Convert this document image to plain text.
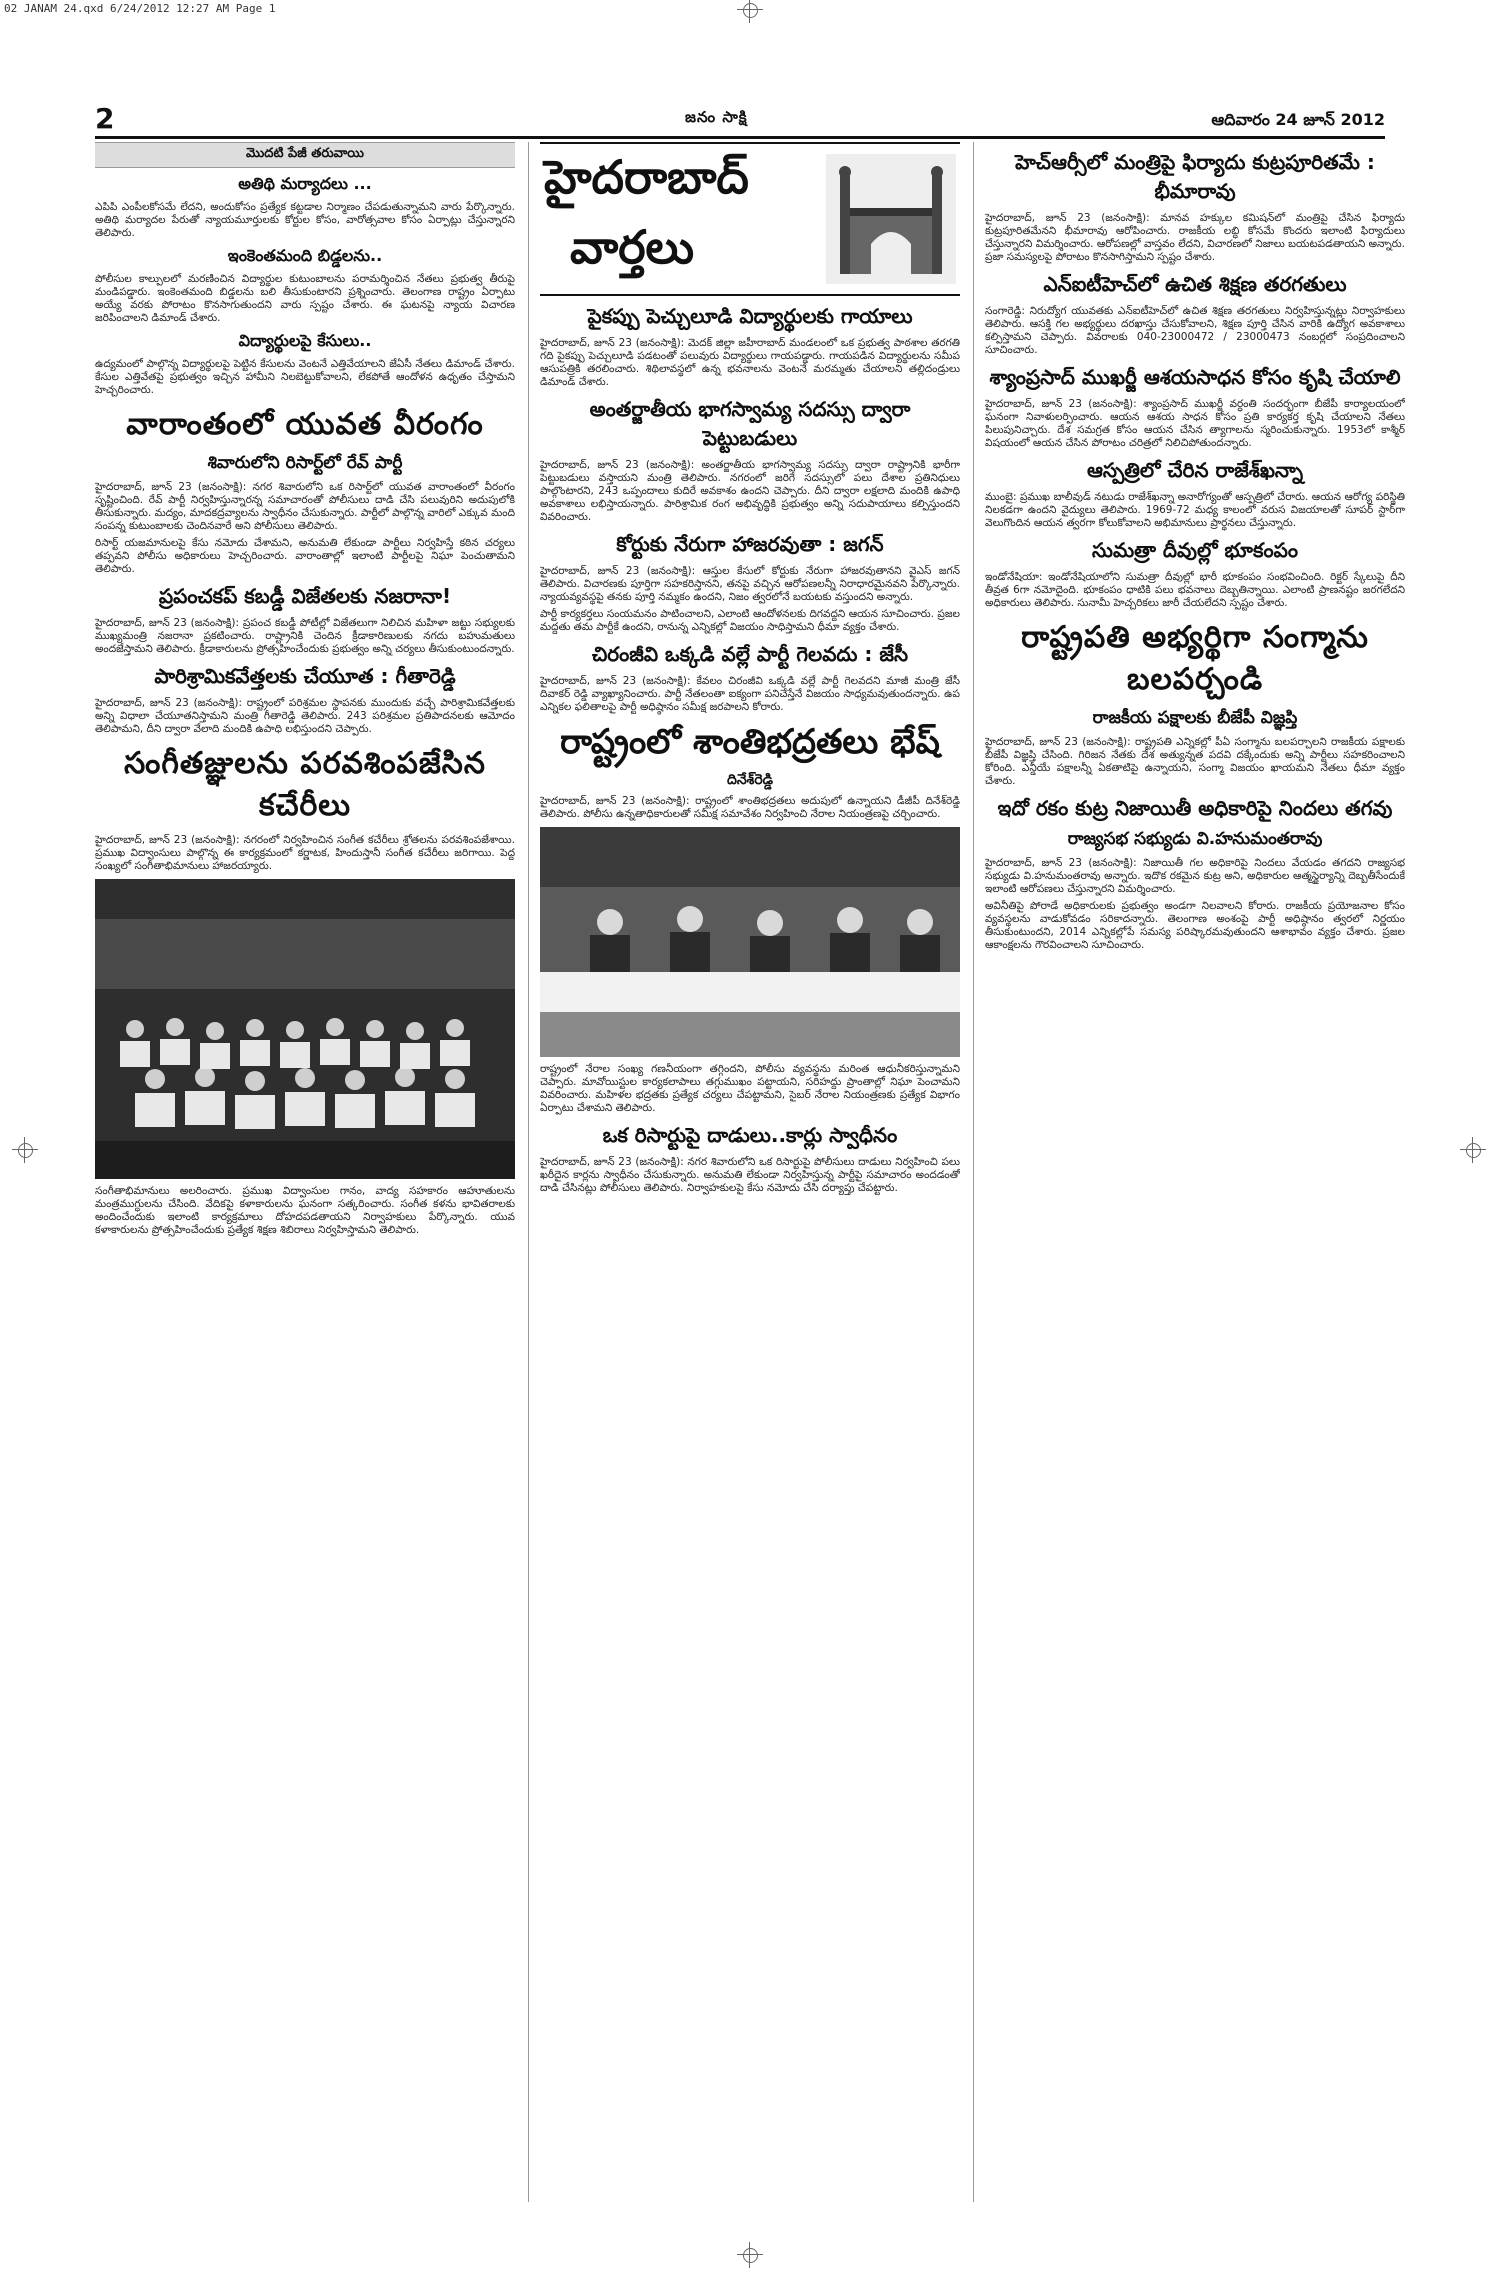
02 JANAM 24.qxd 6/24/2012 12:27 AM Page 1
2	జనం సాక్షి	ఆదివారం 24 జూన్ 2012
మొదటి పేజీ తరువాయి
అతిథి మర్యాదలు ...

ఎపిపి ఎంపీలకోసమే లేదని, అందుకోసం ప్రత్యేక కట్టడాల నిర్మాణం చేపడుతున్నామని వారు పేర్కొన్నారు. అతిథి మర్యాదల పేరుతో న్యాయమూర్తులకు కోర్టుల కోసం, వారోత్సవాల కోసం ఏర్పాట్లు చేస్తున్నారని తెలిపారు.

ఇంకెంతమంది బిడ్డలను..

పోలీసుల కాల్పులలో మరణించిన విద్యార్థుల కుటుంబాలను పరామర్శించిన నేతలు ప్రభుత్వ తీరుపై మండిపడ్డారు. ఇంకెంతమంది బిడ్డలను బలి తీసుకుంటారని ప్రశ్నించారు. తెలంగాణ రాష్ట్రం ఏర్పాటు అయ్యే వరకు పోరాటం కొనసాగుతుందని వారు స్పష్టం చేశారు. ఈ ఘటనపై న్యాయ విచారణ జరిపించాలని డిమాండ్ చేశారు.

విద్యార్థులపై కేసులు..

ఉద్యమంలో పాల్గొన్న విద్యార్థులపై పెట్టిన కేసులను వెంటనే ఎత్తివేయాలని జేఏసీ నేతలు డిమాండ్ చేశారు. కేసుల ఎత్తివేతపై ప్రభుత్వం ఇచ్చిన హామీని నిలబెట్టుకోవాలని, లేకపోతే ఆందోళన ఉధృతం చేస్తామని హెచ్చరించారు.

వారాంతంలో యువత వీరంగం
శివారులోని రిసార్ట్‌లో రేవ్ పార్టీ

హైదరాబాద్, జూన్ 23 (జనంసాక్షి): నగర శివారులోని ఒక రిసార్ట్‌లో యువత వారాంతంలో వీరంగం సృష్టించింది. రేవ్ పార్టీ నిర్వహిస్తున్నారన్న సమాచారంతో పోలీసులు దాడి చేసి పలువురిని అదుపులోకి తీసుకున్నారు. మద్యం, మాదకద్రవ్యాలను స్వాధీనం చేసుకున్నారు. పార్టీలో పాల్గొన్న వారిలో ఎక్కువ మంది సంపన్న కుటుంబాలకు చెందినవారే అని పోలీసులు తెలిపారు.

రిసార్ట్ యజమానులపై కేసు నమోదు చేశామని, అనుమతి లేకుండా పార్టీలు నిర్వహిస్తే కఠిన చర్యలు తప్పవని పోలీసు అధికారులు హెచ్చరించారు. వారాంతాల్లో ఇలాంటి పార్టీలపై నిఘా పెంచుతామని తెలిపారు.

ప్రపంచకప్ కబడ్డీ విజేతలకు నజరానా!

హైదరాబాద్, జూన్ 23 (జనంసాక్షి): ప్రపంచ కబడ్డీ పోటీల్లో విజేతలుగా నిలిచిన మహిళా జట్టు సభ్యులకు ముఖ్యమంత్రి నజరానా ప్రకటించారు. రాష్ట్రానికి చెందిన క్రీడాకారిణులకు నగదు బహుమతులు అందజేస్తామని తెలిపారు. క్రీడాకారులను ప్రోత్సహించేందుకు ప్రభుత్వం అన్ని చర్యలు తీసుకుంటుందన్నారు.

పారిశ్రామికవేత్తలకు చేయూత : గీతారెడ్డి

హైదరాబాద్, జూన్ 23 (జనంసాక్షి): రాష్ట్రంలో పరిశ్రమల స్థాపనకు ముందుకు వచ్చే పారిశ్రామికవేత్తలకు అన్ని విధాలా చేయూతనిస్తామని మంత్రి గీతారెడ్డి తెలిపారు. 243 పరిశ్రమల ప్రతిపాదనలకు ఆమోదం తెలిపామని, దీని ద్వారా వేలాది మందికి ఉపాధి లభిస్తుందని చెప్పారు.

సంగీతజ్ఞులను పరవశింపజేసిన కచేరీలు

హైదరాబాద్, జూన్ 23 (జనంసాక్షి): నగరంలో నిర్వహించిన సంగీత కచేరీలు శ్రోతలను పరవశింపజేశాయి. ప్రముఖ విద్వాంసులు పాల్గొన్న ఈ కార్యక్రమంలో కర్ణాటక, హిందుస్తానీ సంగీత కచేరీలు జరిగాయి. పెద్ద సంఖ్యలో సంగీతాభిమానులు హాజరయ్యారు.

సంగీతాభిమానులు అలరించారు. ప్రముఖ విద్వాంసుల గానం, వాద్య సహకారం ఆహూతులను మంత్రముగ్ధులను చేసింది. వేదికపై కళాకారులను ఘనంగా సత్కరించారు. సంగీత కళను భావితరాలకు అందించేందుకు ఇలాంటి కార్యక్రమాలు దోహదపడతాయని నిర్వాహకులు పేర్కొన్నారు. యువ కళాకారులను ప్రోత్సహించేందుకు ప్రత్యేక శిక్షణ శిబిరాలు నిర్వహిస్తామని తెలిపారు.

హైదరాబాద్
వార్తలు
పైకప్పు పెచ్చులూడి విద్యార్థులకు గాయాలు

హైదరాబాద్, జూన్ 23 (జనంసాక్షి): మెదక్ జిల్లా జహీరాబాద్ మండలంలో ఒక ప్రభుత్వ పాఠశాల తరగతి గది పైకప్పు పెచ్చులూడి పడటంతో పలువురు విద్యార్థులు గాయపడ్డారు. గాయపడిన విద్యార్థులను సమీప ఆసుపత్రికి తరలించారు. శిథిలావస్థలో ఉన్న భవనాలను వెంటనే మరమ్మతు చేయాలని తల్లిదండ్రులు డిమాండ్ చేశారు.

అంతర్జాతీయ భాగస్వామ్య సదస్సు ద్వారా పెట్టుబడులు

హైదరాబాద్, జూన్ 23 (జనంసాక్షి): అంతర్జాతీయ భాగస్వామ్య సదస్సు ద్వారా రాష్ట్రానికి భారీగా పెట్టుబడులు వస్తాయని మంత్రి తెలిపారు. నగరంలో జరిగే సదస్సులో పలు దేశాల ప్రతినిధులు పాల్గొంటారని, 243 ఒప్పందాలు కుదిరే అవకాశం ఉందని చెప్పారు. దీని ద్వారా లక్షలాది మందికి ఉపాధి అవకాశాలు లభిస్తాయన్నారు. పారిశ్రామిక రంగ అభివృద్ధికి ప్రభుత్వం అన్ని సదుపాయాలు కల్పిస్తుందని వివరించారు.

కోర్టుకు నేరుగా హాజరవుతా : జగన్

హైదరాబాద్, జూన్ 23 (జనంసాక్షి): ఆస్తుల కేసులో కోర్టుకు నేరుగా హాజరవుతానని వైఎస్ జగన్ తెలిపారు. విచారణకు పూర్తిగా సహకరిస్తానని, తనపై వచ్చిన ఆరోపణలన్నీ నిరాధారమైనవని పేర్కొన్నారు. న్యాయవ్యవస్థపై తనకు పూర్తి నమ్మకం ఉందని, నిజం త్వరలోనే బయటకు వస్తుందని అన్నారు.

పార్టీ కార్యకర్తలు సంయమనం పాటించాలని, ఎలాంటి ఆందోళనలకు దిగవద్దని ఆయన సూచించారు. ప్రజల మద్దతు తమ పార్టీకే ఉందని, రానున్న ఎన్నికల్లో విజయం సాధిస్తామని ధీమా వ్యక్తం చేశారు.

చిరంజీవి ఒక్కడి వల్లే పార్టీ గెలవదు : జేసీ

హైదరాబాద్, జూన్ 23 (జనంసాక్షి): కేవలం చిరంజీవి ఒక్కడి వల్లే పార్టీ గెలవదని మాజీ మంత్రి జేసీ దివాకర్ రెడ్డి వ్యాఖ్యానించారు. పార్టీ నేతలంతా ఐక్యంగా పనిచేస్తేనే విజయం సాధ్యమవుతుందన్నారు. ఉప ఎన్నికల ఫలితాలపై పార్టీ అధిష్ఠానం సమీక్ష జరపాలని కోరారు.

రాష్ట్రంలో శాంతిభద్రతలు భేష్
దినేశ్‌రెడ్డి

హైదరాబాద్, జూన్ 23 (జనంసాక్షి): రాష్ట్రంలో శాంతిభద్రతలు అదుపులో ఉన్నాయని డీజీపీ దినేశ్‌రెడ్డి తెలిపారు. పోలీసు ఉన్నతాధికారులతో సమీక్ష సమావేశం నిర్వహించి నేరాల నియంత్రణపై చర్చించారు.

రాష్ట్రంలో నేరాల సంఖ్య గణనీయంగా తగ్గిందని, పోలీసు వ్యవస్థను మరింత ఆధునీకరిస్తున్నామని చెప్పారు. మావోయిస్టుల కార్యకలాపాలు తగ్గుముఖం పట్టాయని, సరిహద్దు ప్రాంతాల్లో నిఘా పెంచామని వివరించారు. మహిళల భద్రతకు ప్రత్యేక చర్యలు చేపట్టామని, సైబర్ నేరాల నియంత్రణకు ప్రత్యేక విభాగం ఏర్పాటు చేశామని తెలిపారు.

ఒక రిసార్టుపై దాడులు..కార్లు స్వాధీనం

హైదరాబాద్, జూన్ 23 (జనంసాక్షి): నగర శివారులోని ఒక రిసార్టుపై పోలీసులు దాడులు నిర్వహించి పలు ఖరీదైన కార్లను స్వాధీనం చేసుకున్నారు. అనుమతి లేకుండా నిర్వహిస్తున్న పార్టీపై సమాచారం అందడంతో దాడి చేసినట్లు పోలీసులు తెలిపారు. నిర్వాహకులపై కేసు నమోదు చేసి దర్యాప్తు చేపట్టారు.

హెచ్ఆర్సీలో మంత్రిపై ఫిర్యాదు కుట్రపూరితమే : భీమారావు

హైదరాబాద్, జూన్ 23 (జనంసాక్షి): మానవ హక్కుల కమిషన్‌లో మంత్రిపై చేసిన ఫిర్యాదు కుట్రపూరితమేనని భీమారావు ఆరోపించారు. రాజకీయ లబ్ధి కోసమే కొందరు ఇలాంటి ఫిర్యాదులు చేస్తున్నారని విమర్శించారు. ఆరోపణల్లో వాస్తవం లేదని, విచారణలో నిజాలు బయటపడతాయని అన్నారు. ప్రజా సమస్యలపై పోరాటం కొనసాగిస్తామని స్పష్టం చేశారు.

ఎన్ఐటీహెచ్‌లో ఉచిత శిక్షణ తరగతులు

సంగారెడ్డి: నిరుద్యోగ యువతకు ఎన్ఐటీహెచ్‌లో ఉచిత శిక్షణ తరగతులు నిర్వహిస్తున్నట్లు నిర్వాహకులు తెలిపారు. ఆసక్తి గల అభ్యర్థులు దరఖాస్తు చేసుకోవాలని, శిక్షణ పూర్తి చేసిన వారికి ఉద్యోగ అవకాశాలు కల్పిస్తామని చెప్పారు. వివరాలకు 040-23000472 / 23000473 నంబర్లలో సంప్రదించాలని సూచించారు.

శ్యాంప్రసాద్ ముఖర్జీ ఆశయసాధన కోసం కృషి చేయాలి

హైదరాబాద్, జూన్ 23 (జనంసాక్షి): శ్యాంప్రసాద్ ముఖర్జీ వర్ధంతి సందర్భంగా బీజేపీ కార్యాలయంలో ఘనంగా నివాళులర్పించారు. ఆయన ఆశయ సాధన కోసం ప్రతి కార్యకర్త కృషి చేయాలని నేతలు పిలుపునిచ్చారు. దేశ సమగ్రత కోసం ఆయన చేసిన త్యాగాలను స్మరించుకున్నారు. 1953లో కాశ్మీర్ విషయంలో ఆయన చేసిన పోరాటం చరిత్రలో నిలిచిపోతుందన్నారు.

ఆస్పత్రిలో చేరిన రాజేశ్‌ఖన్నా

ముంబై: ప్రముఖ బాలీవుడ్ నటుడు రాజేశ్‌ఖన్నా అనారోగ్యంతో ఆస్పత్రిలో చేరారు. ఆయన ఆరోగ్య పరిస్థితి నిలకడగా ఉందని వైద్యులు తెలిపారు. 1969-72 మధ్య కాలంలో వరుస విజయాలతో సూపర్ స్టార్‌గా వెలుగొందిన ఆయన త్వరగా కోలుకోవాలని అభిమానులు ప్రార్థనలు చేస్తున్నారు.

సుమత్రా దీవుల్లో భూకంపం

ఇండోనేషియా: ఇండోనేషియాలోని సుమత్రా దీవుల్లో భారీ భూకంపం సంభవించింది. రిక్టర్ స్కేలుపై దీని తీవ్రత 6గా నమోదైంది. భూకంపం ధాటికి పలు భవనాలు దెబ్బతిన్నాయి. ఎలాంటి ప్రాణనష్టం జరగలేదని అధికారులు తెలిపారు. సునామీ హెచ్చరికలు జారీ చేయలేదని స్పష్టం చేశారు.

రాష్ట్రపతి అభ్యర్థిగా సంగ్మాను బలపర్చండి
రాజకీయ పక్షాలకు బీజేపీ విజ్ఞప్తి

హైదరాబాద్, జూన్ 23 (జనంసాక్షి): రాష్ట్రపతి ఎన్నికల్లో పీఏ సంగ్మాను బలపర్చాలని రాజకీయ పక్షాలకు బీజేపీ విజ్ఞప్తి చేసింది. గిరిజన నేతకు దేశ అత్యున్నత పదవి దక్కేందుకు అన్ని పార్టీలు సహకరించాలని కోరింది. ఎన్డీయే పక్షాలన్నీ ఏకతాటిపై ఉన్నాయని, సంగ్మా విజయం ఖాయమని నేతలు ధీమా వ్యక్తం చేశారు.

ఇదో రకం కుట్ర నిజాయితీ అధికారిపై నిందలు తగవు
రాజ్యసభ సభ్యుడు వి.హనుమంతరావు

హైదరాబాద్, జూన్ 23 (జనంసాక్షి): నిజాయితీ గల అధికారిపై నిందలు వేయడం తగదని రాజ్యసభ సభ్యుడు వి.హనుమంతరావు అన్నారు. ఇదొక రకమైన కుట్ర అని, అధికారుల ఆత్మస్థైర్యాన్ని దెబ్బతీసేందుకే ఇలాంటి ఆరోపణలు చేస్తున్నారని విమర్శించారు.

అవినీతిపై పోరాడే అధికారులకు ప్రభుత్వం అండగా నిలవాలని కోరారు. రాజకీయ ప్రయోజనాల కోసం వ్యవస్థలను వాడుకోవడం సరికాదన్నారు. తెలంగాణ అంశంపై పార్టీ అధిష్ఠానం త్వరలో నిర్ణయం తీసుకుంటుందని, 2014 ఎన్నికల్లోపే సమస్య పరిష్కారమవుతుందని ఆశాభావం వ్యక్తం చేశారు. ప్రజల ఆకాంక్షలను గౌరవించాలని సూచించారు.
